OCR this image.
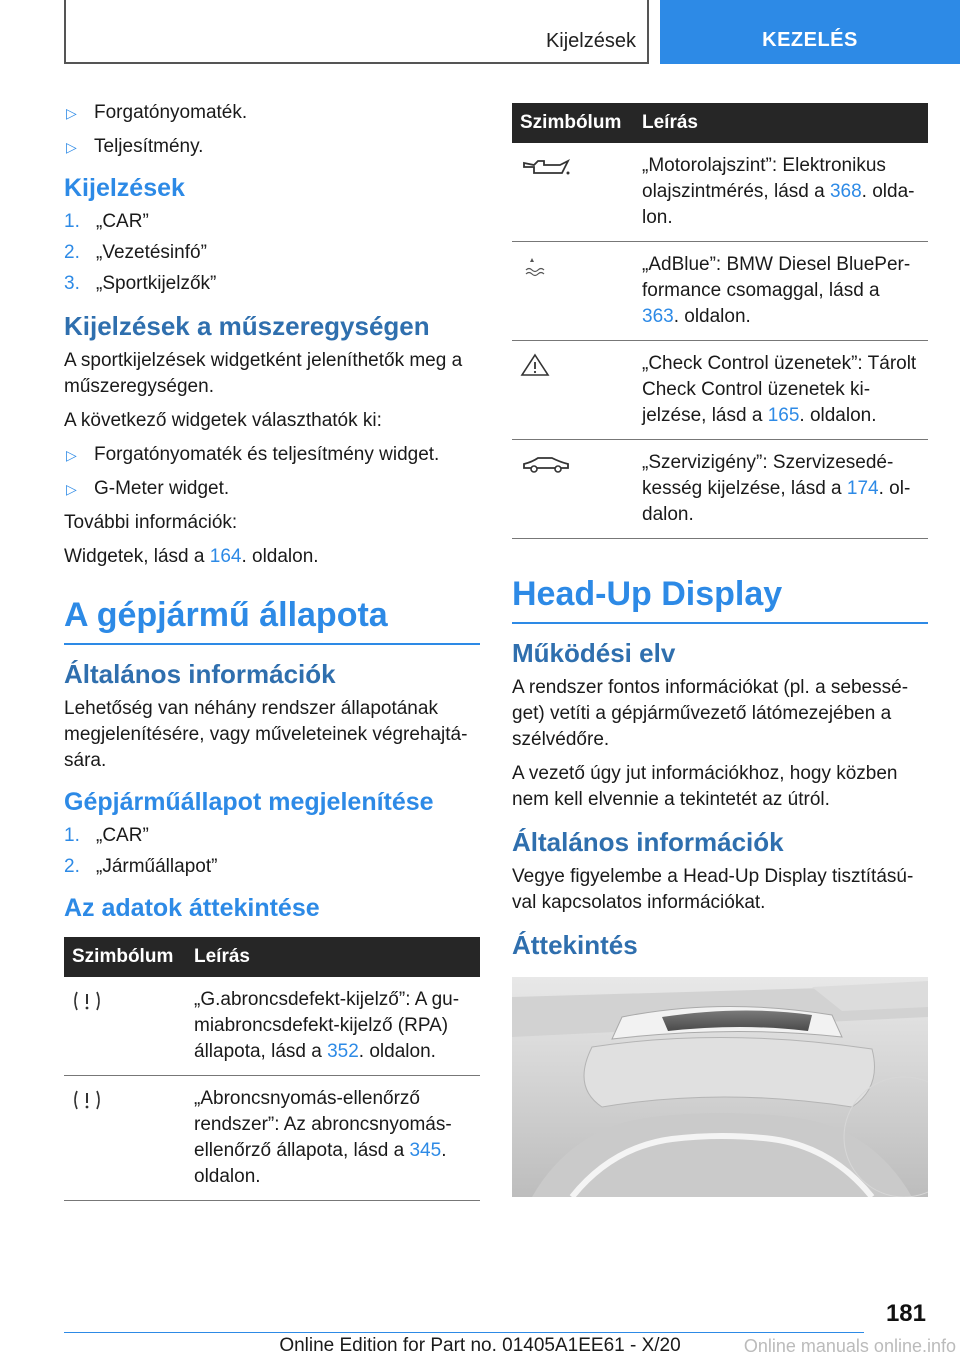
Kijelzések	KEZELÉS
▷ Forgatónyomaték.
▷ Teljesítmény.
Kijelzések
1. „CAR”
2. „Vezetésinfó”
3. „Sportkijelzők”
Kijelzések a műszeregységen

A sportkijelzések widgetként jeleníthetők meg a műszeregységen.

A következő widgetek választhatók ki:

▷ Forgatónyomaték és teljesítmény widget.
▷ G-Meter widget.

További információk:

Widgetek, lásd a 164. oldalon.

A gépjármű állapota
Általános információk

Lehetőség van néhány rendszer állapotának megjelenítésére, vagy műveleteinek végrehajtására.

Gépjárműállapot megjelenítése
1. „CAR”
2. „Járműállapot”
Az adatok áttekintése
Szimbólum	Leírás

	„G.abroncsdefekt-kijelző”: A gumiabroncsdefekt-kijelző (RPA) állapota, lásd a 352. oldalon.

	„Abroncsnyomás-ellenőrző rendszer”: Az abroncsnyomás-ellenőrző állapota, lásd a 345. oldalon.
Szimbólum	Leírás

	„Motorolajszint”: Elektronikus olajszintmérés, lásd a 368. oldalon.

	„AdBlue”: BMW Diesel BluePerformance csomaggal, lásd a 363. oldalon.

	„Check Control üzenetek”: Tárolt Check Control üzenetek kijelzése, lásd a 165. oldalon.

	„Szervizigény”: Szervizesedékesség kijelzése, lásd a 174. oldalon.
Head-Up Display
Működési elv

A rendszer fontos információkat (pl. a sebességet) vetíti a gépjárművezető látómezejében a szélvédőre.

A vezető úgy jut információkhoz, hogy közben nem kell elvennie a tekintetét az útról.

Általános információk

Vegye figyelembe a Head-Up Display tisztításúval kapcsolatos információkat.

Áttekintés
181
Online Edition for Part no. 01405A1EE61 - X/20	Online manuals online.info
